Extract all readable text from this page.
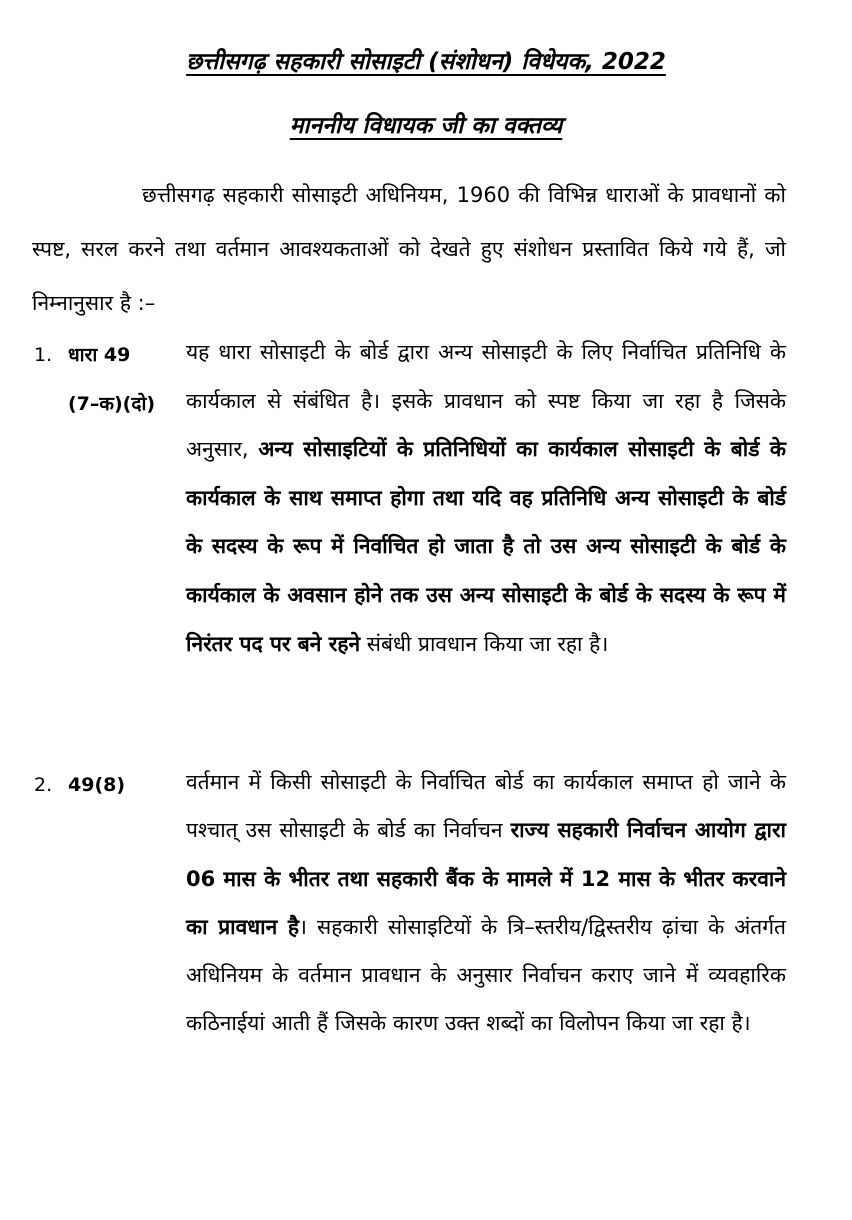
छत्तीसगढ़ सहकारी सोसाइटी (संशोधन) विधेयक, 2022
माननीय विधायक जी का वक्तव्य

छत्तीसगढ़ सहकारी सोसाइटी अधिनियम, 1960 की विभिन्न धाराओं के प्रावधानों को स्पष्ट, सरल करने तथा वर्तमान आवश्यकताओं को देखते हुए संशोधन प्रस्तावित किये गये हैं, जो निम्नानुसार है :–

1. धारा 49
(7–क)(दो)

यह धारा सोसाइटी के बोर्ड द्वारा अन्य सोसाइटी के लिए निर्वाचित प्रतिनिधि के कार्यकाल से संबंधित है। इसके प्रावधान को स्पष्ट किया जा रहा है जिसके अनुसार, अन्य सोसाइटियों के प्रतिनिधियों का कार्यकाल सोसाइटी के बोर्ड के कार्यकाल के साथ समाप्त होगा तथा यदि वह प्रतिनिधि अन्य सोसाइटी के बोर्ड के सदस्य के रूप में निर्वाचित हो जाता है तो उस अन्य सोसाइटी के बोर्ड के कार्यकाल के अवसान होने तक उस अन्य सोसाइटी के बोर्ड के सदस्य के रूप में निरंतर पद पर बने रहने संबंधी प्रावधान किया जा रहा है।

2. 49(8)	वर्तमान में किसी सोसाइटी के निर्वाचित बोर्ड का कार्यकाल समाप्त हो जाने के पश्चात् उस सोसाइटी के बोर्ड का निर्वाचन राज्य सहकारी निर्वाचन आयोग द्वारा 06 मास के भीतर तथा सहकारी बैंक के मामले में 12 मास के भीतर करवाने का प्रावधान है। सहकारी सोसाइटियों के त्रि–स्तरीय/द्विस्तरीय ढ़ांचा के अंतर्गत अधिनियम के वर्तमान प्रावधान के अनुसार निर्वाचन कराए जाने में व्यवहारिक कठिनाईयां आती हैं जिसके कारण उक्त शब्दों का विलोपन किया जा रहा है।
